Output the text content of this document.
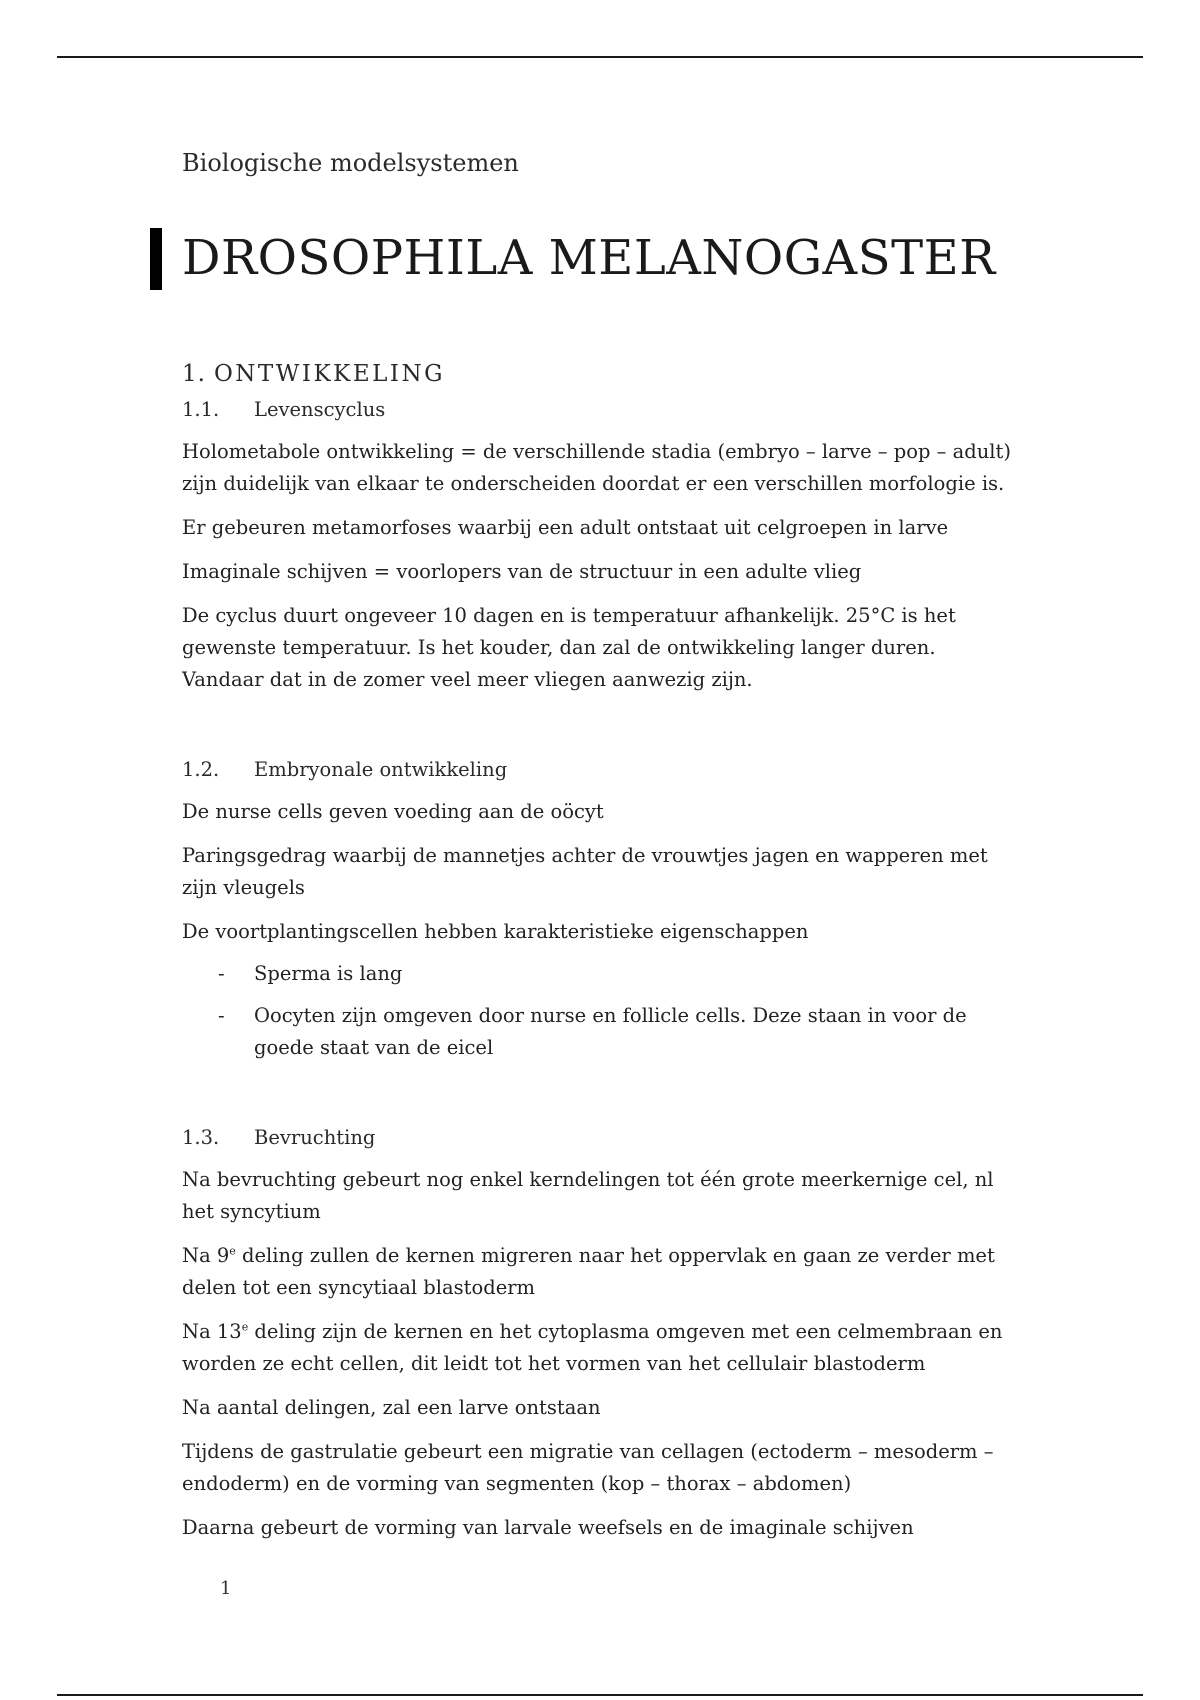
Biologische modelsystemen

DROSOPHILA MELANOGASTER
1. ONTWIKKELING
1.1.	Levenscyclus

Holometabole ontwikkeling = de verschillende stadia (embryo – larve – pop – adult) zijn duidelijk van elkaar te onderscheiden doordat er een verschillen morfologie is.

Er gebeuren metamorfoses waarbij een adult ontstaat uit celgroepen in larve

Imaginale schijven = voorlopers van de structuur in een adulte vlieg

De cyclus duurt ongeveer 10 dagen en is temperatuur afhankelijk. 25°C is het gewenste temperatuur. Is het kouder, dan zal de ontwikkeling langer duren. Vandaar dat in de zomer veel meer vliegen aanwezig zijn.

1.2.	Embryonale ontwikkeling

De nurse cells geven voeding aan de oöcyt

Paringsgedrag waarbij de mannetjes achter de vrouwtjes jagen en wapperen met zijn vleugels

De voortplantingscellen hebben karakteristieke eigenschappen

- Sperma is lang
- Oocyten zijn omgeven door nurse en follicle cells. Deze staan in voor de goede staat van de eicel
1.3.	Bevruchting

Na bevruchting gebeurt nog enkel kerndelingen tot één grote meerkernige cel, nl het syncytium

Na 9e deling zullen de kernen migreren naar het oppervlak en gaan ze verder met delen tot een syncytiaal blastoderm

Na 13e deling zijn de kernen en het cytoplasma omgeven met een celmembraan en worden ze echt cellen, dit leidt tot het vormen van het cellulair blastoderm

Na aantal delingen, zal een larve ontstaan

Tijdens de gastrulatie gebeurt een migratie van cellagen (ectoderm – mesoderm – endoderm) en de vorming van segmenten (kop – thorax – abdomen)

Daarna gebeurt de vorming van larvale weefsels en de imaginale schijven

1
